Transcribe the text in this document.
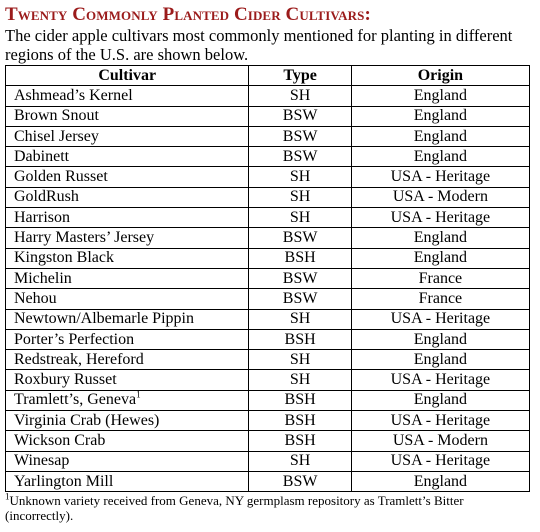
Twenty Commonly Planted Cider Cultivars:

The cider apple cultivars most commonly mentioned for planting in different regions of the U.S. are shown below.

Cultivar	Type	Origin
Ashmead’s Kernel	SH	England
Brown Snout	BSW	England
Chisel Jersey	BSW	England
Dabinett	BSW	England
Golden Russet	SH	USA - Heritage
GoldRush	SH	USA - Modern
Harrison	SH	USA - Heritage
Harry Masters’ Jersey	BSW	England
Kingston Black	BSH	England
Michelin	BSW	France
Nehou	BSW	France
Newtown/Albemarle Pippin	SH	USA - Heritage
Porter’s Perfection	BSH	England
Redstreak, Hereford	SH	England
Roxbury Russet	SH	USA - Heritage
Tramlett’s, Geneva$^1$	BSH	England
Virginia Crab (Hewes)	BSH	USA - Heritage
Wickson Crab	BSH	USA - Modern
Winesap	SH	USA - Heritage
Yarlington Mill	BSW	England

$^1$Unknown variety received from Geneva, NY germplasm repository as Tramlett’s Bitter (incorrectly).
